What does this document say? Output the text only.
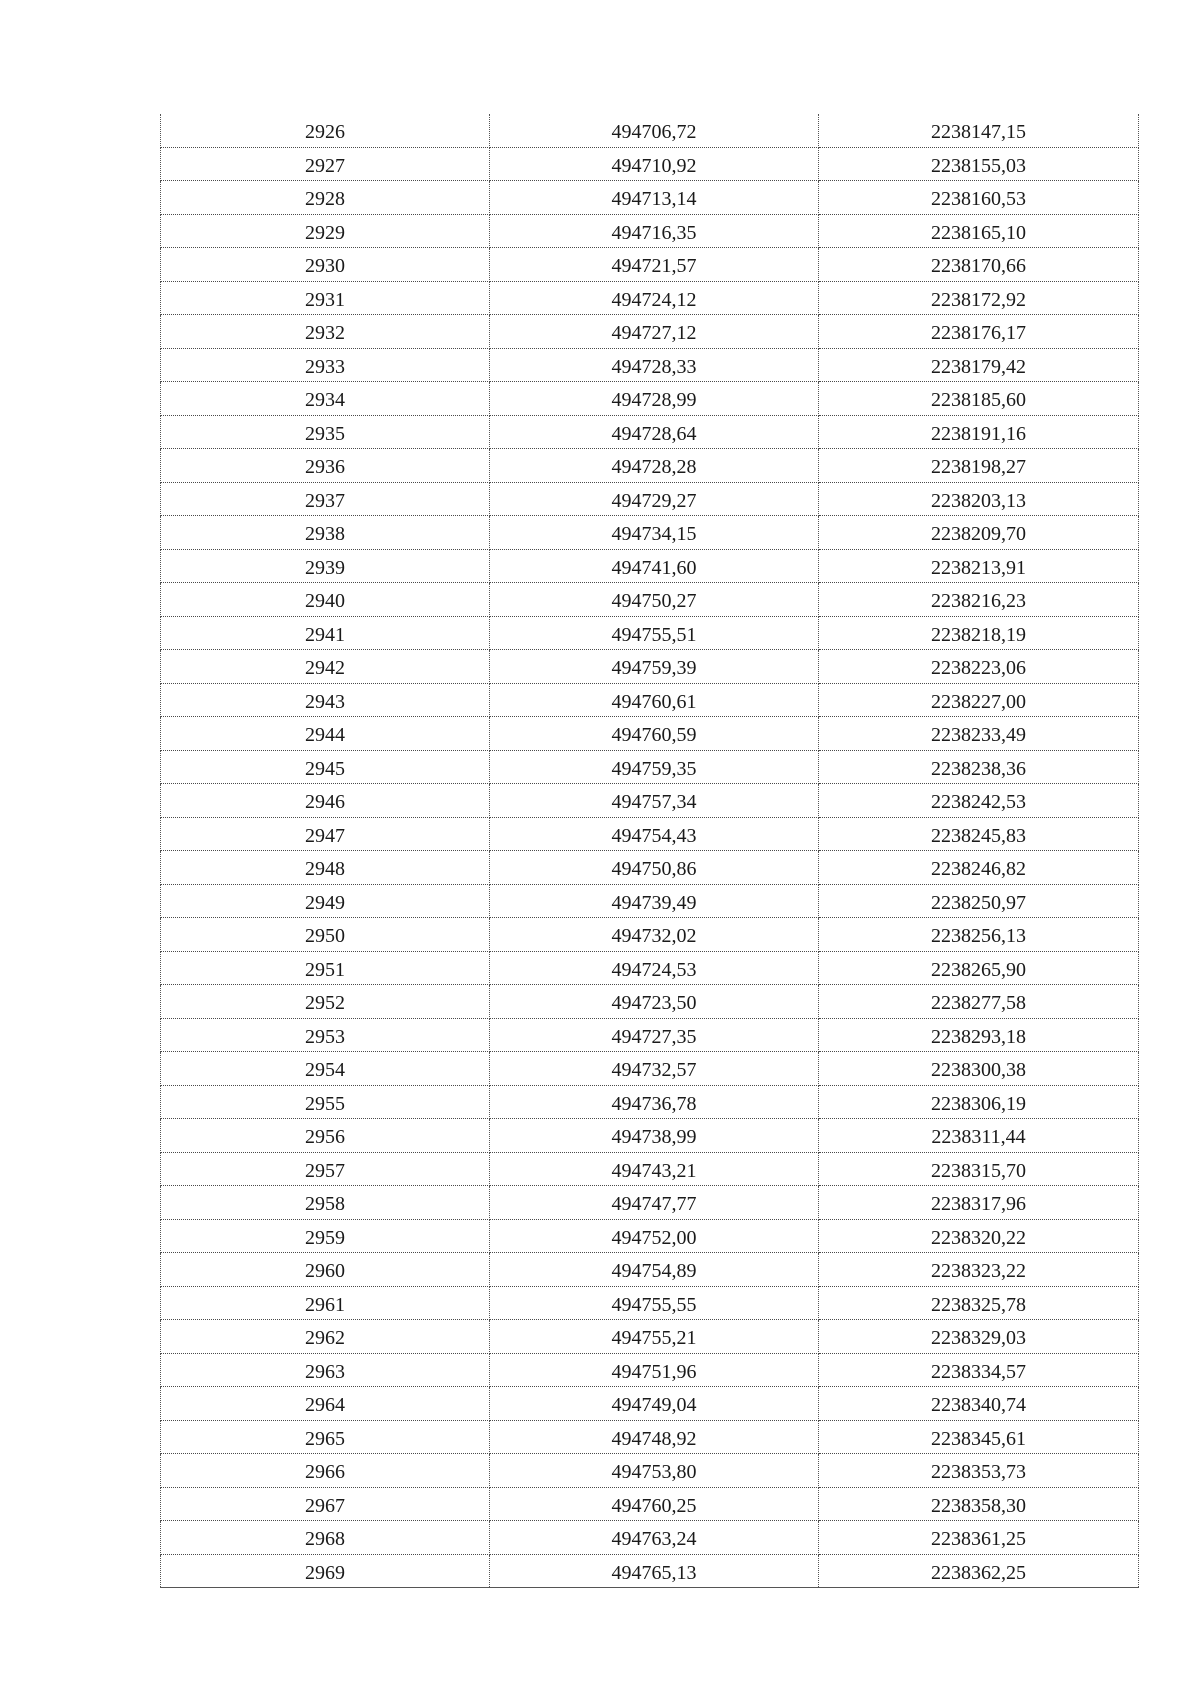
2926	494706,72	2238147,15
2927	494710,92	2238155,03
2928	494713,14	2238160,53
2929	494716,35	2238165,10
2930	494721,57	2238170,66
2931	494724,12	2238172,92
2932	494727,12	2238176,17
2933	494728,33	2238179,42
2934	494728,99	2238185,60
2935	494728,64	2238191,16
2936	494728,28	2238198,27
2937	494729,27	2238203,13
2938	494734,15	2238209,70
2939	494741,60	2238213,91
2940	494750,27	2238216,23
2941	494755,51	2238218,19
2942	494759,39	2238223,06
2943	494760,61	2238227,00
2944	494760,59	2238233,49
2945	494759,35	2238238,36
2946	494757,34	2238242,53
2947	494754,43	2238245,83
2948	494750,86	2238246,82
2949	494739,49	2238250,97
2950	494732,02	2238256,13
2951	494724,53	2238265,90
2952	494723,50	2238277,58
2953	494727,35	2238293,18
2954	494732,57	2238300,38
2955	494736,78	2238306,19
2956	494738,99	2238311,44
2957	494743,21	2238315,70
2958	494747,77	2238317,96
2959	494752,00	2238320,22
2960	494754,89	2238323,22
2961	494755,55	2238325,78
2962	494755,21	2238329,03
2963	494751,96	2238334,57
2964	494749,04	2238340,74
2965	494748,92	2238345,61
2966	494753,80	2238353,73
2967	494760,25	2238358,30
2968	494763,24	2238361,25
2969	494765,13	2238362,25
